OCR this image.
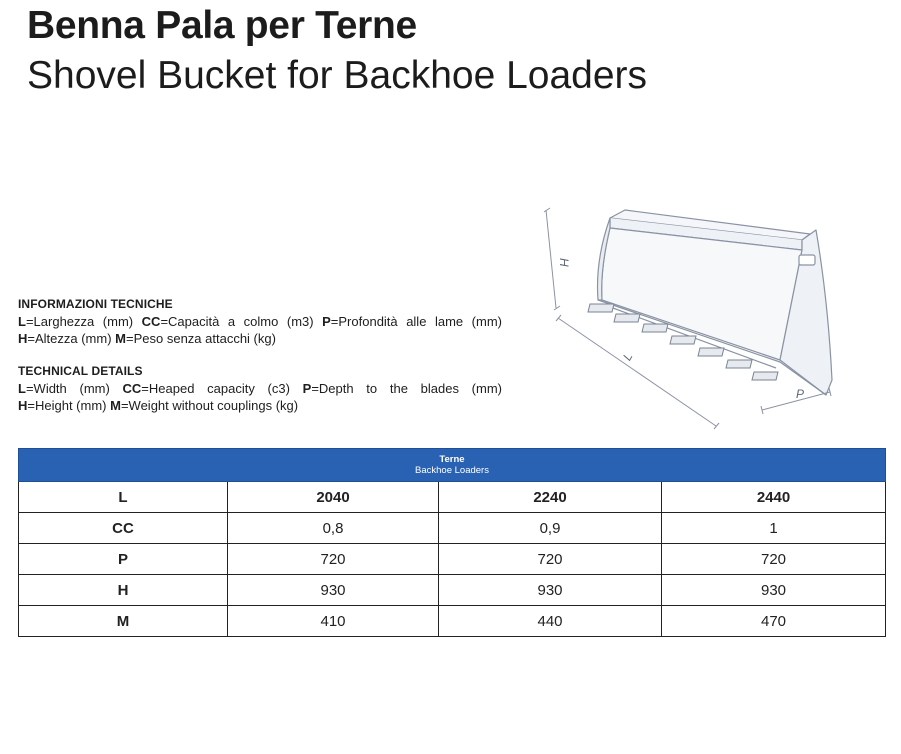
Benna Pala per Terne
Shovel Bucket for Backhoe Loaders
INFORMAZIONI TECNICHE
L=Larghezza (mm) CC=Capacità a colmo (m3) P=Profondità alle lame (mm)
H=Altezza (mm) M=Peso senza attacchi (kg)
TECHNICAL DETAILS
L=Width (mm) CC=Heaped capacity (c3) P=Depth to the blades (mm)
H=Height (mm) M=Weight without couplings (kg)
H
L
P
Terne
Backhoe Loaders			

L	2040	2240	2440
CC	0,8	0,9	1
P	720	720	720
H	930	930	930
M	410	440	470
